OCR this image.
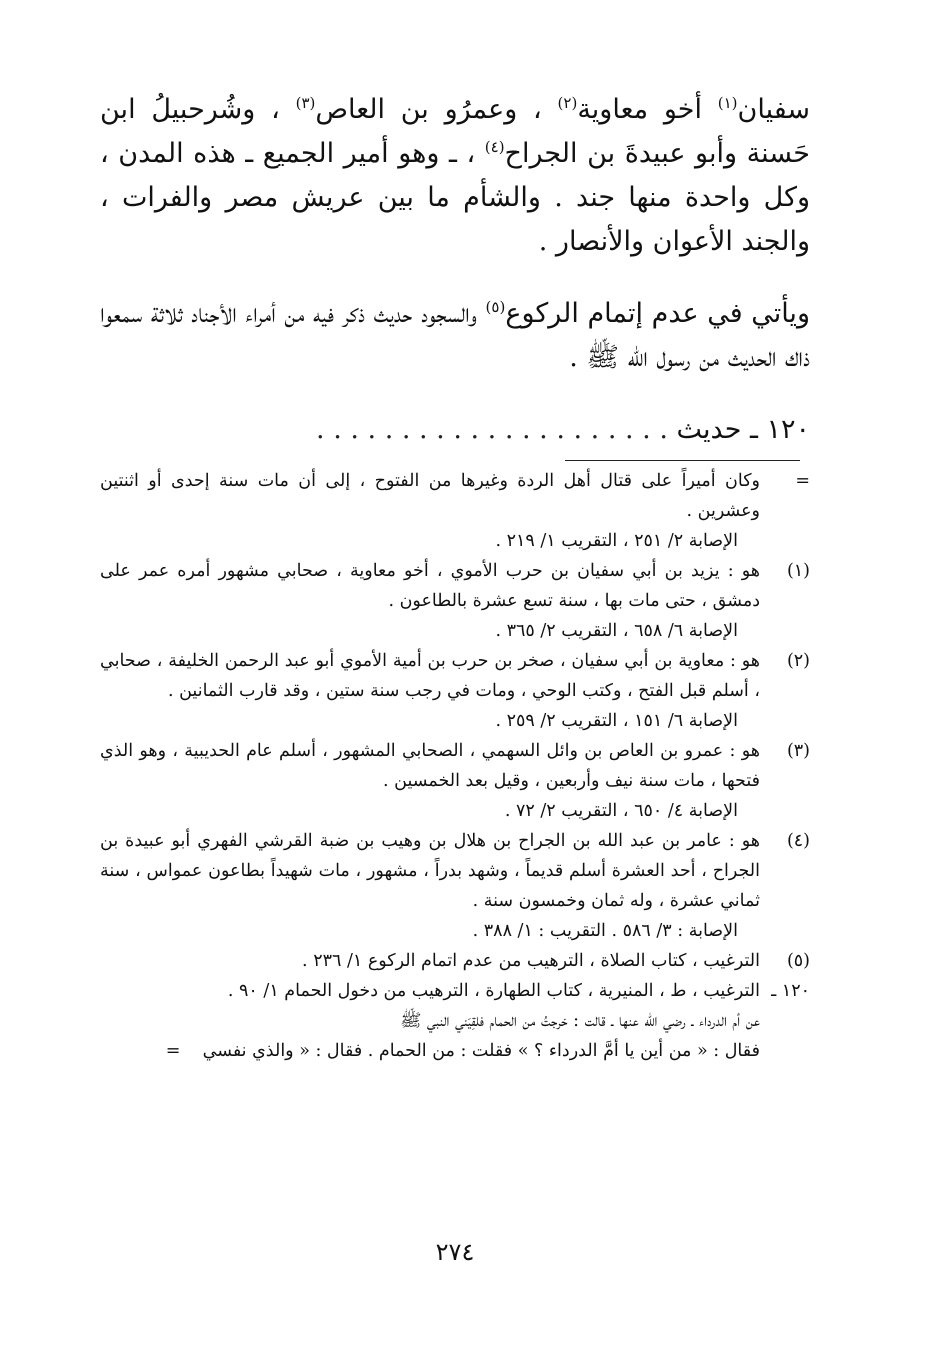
سفيان$^{(١)}$ أخو معاوية$^{(٢)}$ ، وعمرُو بن العاص$^{(٣)}$ ، وشُرحبيلُ ابن حَسنة وأبو عبيدةَ بن الجراح$^{(٤)}$ ، ـ وهو أمير الجميع ـ هذه المدن ، وكل واحدة منها جند . والشأم ما بين عريش مصر والفرات ، والجند الأعوان والأنصار .

ويأتي في عدم إتمام الركوع$^{(٥)}$ والسجود حديث ذكر فيه من أمراء الأجناد ثلاثة سمعوا ذاك الحديث من رسول الله ﷺ .

١٢٠ ـ حديث . . . . . . . . . . . . . . . . . . . . .
=
وكان أميراً على قتال أهل الردة وغيرها من الفتوح ، إلى أن مات سنة إحدى أو اثنتين وعشرين .
الإصابة ٢/ ٢٥١ ، التقريب ١/ ٢١٩ .
(١)
هو : يزيد بن أبي سفيان بن حرب الأموي ، أخو معاوية ، صحابي مشهور أمره عمر على دمشق ، حتى مات بها ، سنة تسع عشرة بالطاعون .
الإصابة ٦/ ٦٥٨ ، التقريب ٢/ ٣٦٥ .
(٢)
هو : معاوية بن أبي سفيان ، صخر بن حرب بن أمية الأموي أبو عبد الرحمن الخليفة ، صحابي ، أسلم قبل الفتح ، وكتب الوحي ، ومات في رجب سنة ستين ، وقد قارب الثمانين .
الإصابة ٦/ ١٥١ ، التقريب ٢/ ٢٥٩ .
(٣)
هو : عمرو بن العاص بن وائل السهمي ، الصحابي المشهور ، أسلم عام الحديبية ، وهو الذي فتحها ، مات سنة نيف وأربعين ، وقيل بعد الخمسين .
الإصابة ٤/ ٦٥٠ ، التقريب ٢/ ٧٢ .
(٤)
هو : عامر بن عبد الله بن الجراح بن هلال بن وهيب بن ضبة القرشي الفهري أبو عبيدة بن الجراح ، أحد العشرة أسلم قديماً ، وشهد بدراً ، مشهور ، مات شهيداً بطاعون عمواس ، سنة ثماني عشرة ، وله ثمان وخمسون سنة .
الإصابة : ٣/ ٥٨٦ . التقريب : ١/ ٣٨٨ .
(٥)
الترغيب ، كتاب الصلاة ، الترهيب من عدم اتمام الركوع ١/ ٢٣٦ .
١٢٠ ـ
الترغيب ، ط ، المنيرية ، كتاب الطهارة ، الترهيب من دخول الحمام ١/ ٩٠ .
عن أم الدرداء ـ رضي الله عنها ـ قالت : خرجتُ من الحمام فلقِيَني النبي ﷺ
فقال : « من أين يا أمَّ الدرداء ؟ » فقلت : من الحمام . فقال : « والذي نفسي    =
٢٧٤
